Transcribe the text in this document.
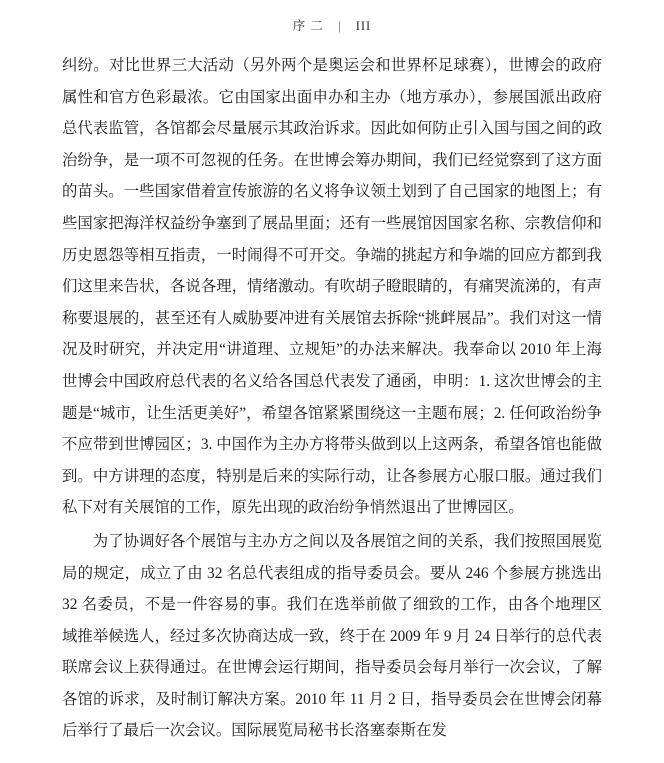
序 二 | III

纠纷。对比世界三大活动（另外两个是奥运会和世界杯足球赛），世博会的政府属性和官方色彩最浓。它由国家出面申办和主办（地方承办），参展国派出政府总代表监管，各馆都会尽量展示其政治诉求。因此如何防止引入国与国之间的政治纷争，是一项不可忽视的任务。在世博会筹办期间，我们已经觉察到了这方面的苗头。一些国家借着宣传旅游的名义将争议领土划到了自己国家的地图上；有些国家把海洋权益纷争塞到了展品里面；还有一些展馆因国家名称、宗教信仰和历史恩怨等相互指责，一时闹得不可开交。争端的挑起方和争端的回应方都到我们这里来告状，各说各理，情绪激动。有吹胡子瞪眼睛的，有痛哭流涕的，有声称要退展的，甚至还有人威胁要冲进有关展馆去拆除“挑衅展品”。我们对这一情况及时研究，并决定用“讲道理、立规矩”的办法来解决。我奉命以 2010 年上海世博会中国政府总代表的名义给各国总代表发了通函，申明：1. 这次世博会的主题是“城市，让生活更美好”，希望各馆紧紧围绕这一主题布展；2. 任何政治纷争不应带到世博园区；3. 中国作为主办方将带头做到以上这两条，希望各馆也能做到。中方讲理的态度，特别是后来的实际行动，让各参展方心服口服。通过我们私下对有关展馆的工作，原先出现的政治纷争悄然退出了世博园区。

为了协调好各个展馆与主办方之间以及各展馆之间的关系，我们按照国展览局的规定，成立了由 32 名总代表组成的指导委员会。要从 246 个参展方挑选出 32 名委员，不是一件容易的事。我们在选举前做了细致的工作，由各个地理区域推举候选人，经过多次协商达成一致，终于在 2009 年 9 月 24 日举行的总代表联席会议上获得通过。在世博会运行期间，指导委员会每月举行一次会议，了解各馆的诉求，及时制订解决方案。2010 年 11 月 2 日，指导委员会在世博会闭幕后举行了最后一次会议。国际展览局秘书长洛塞泰斯在发
